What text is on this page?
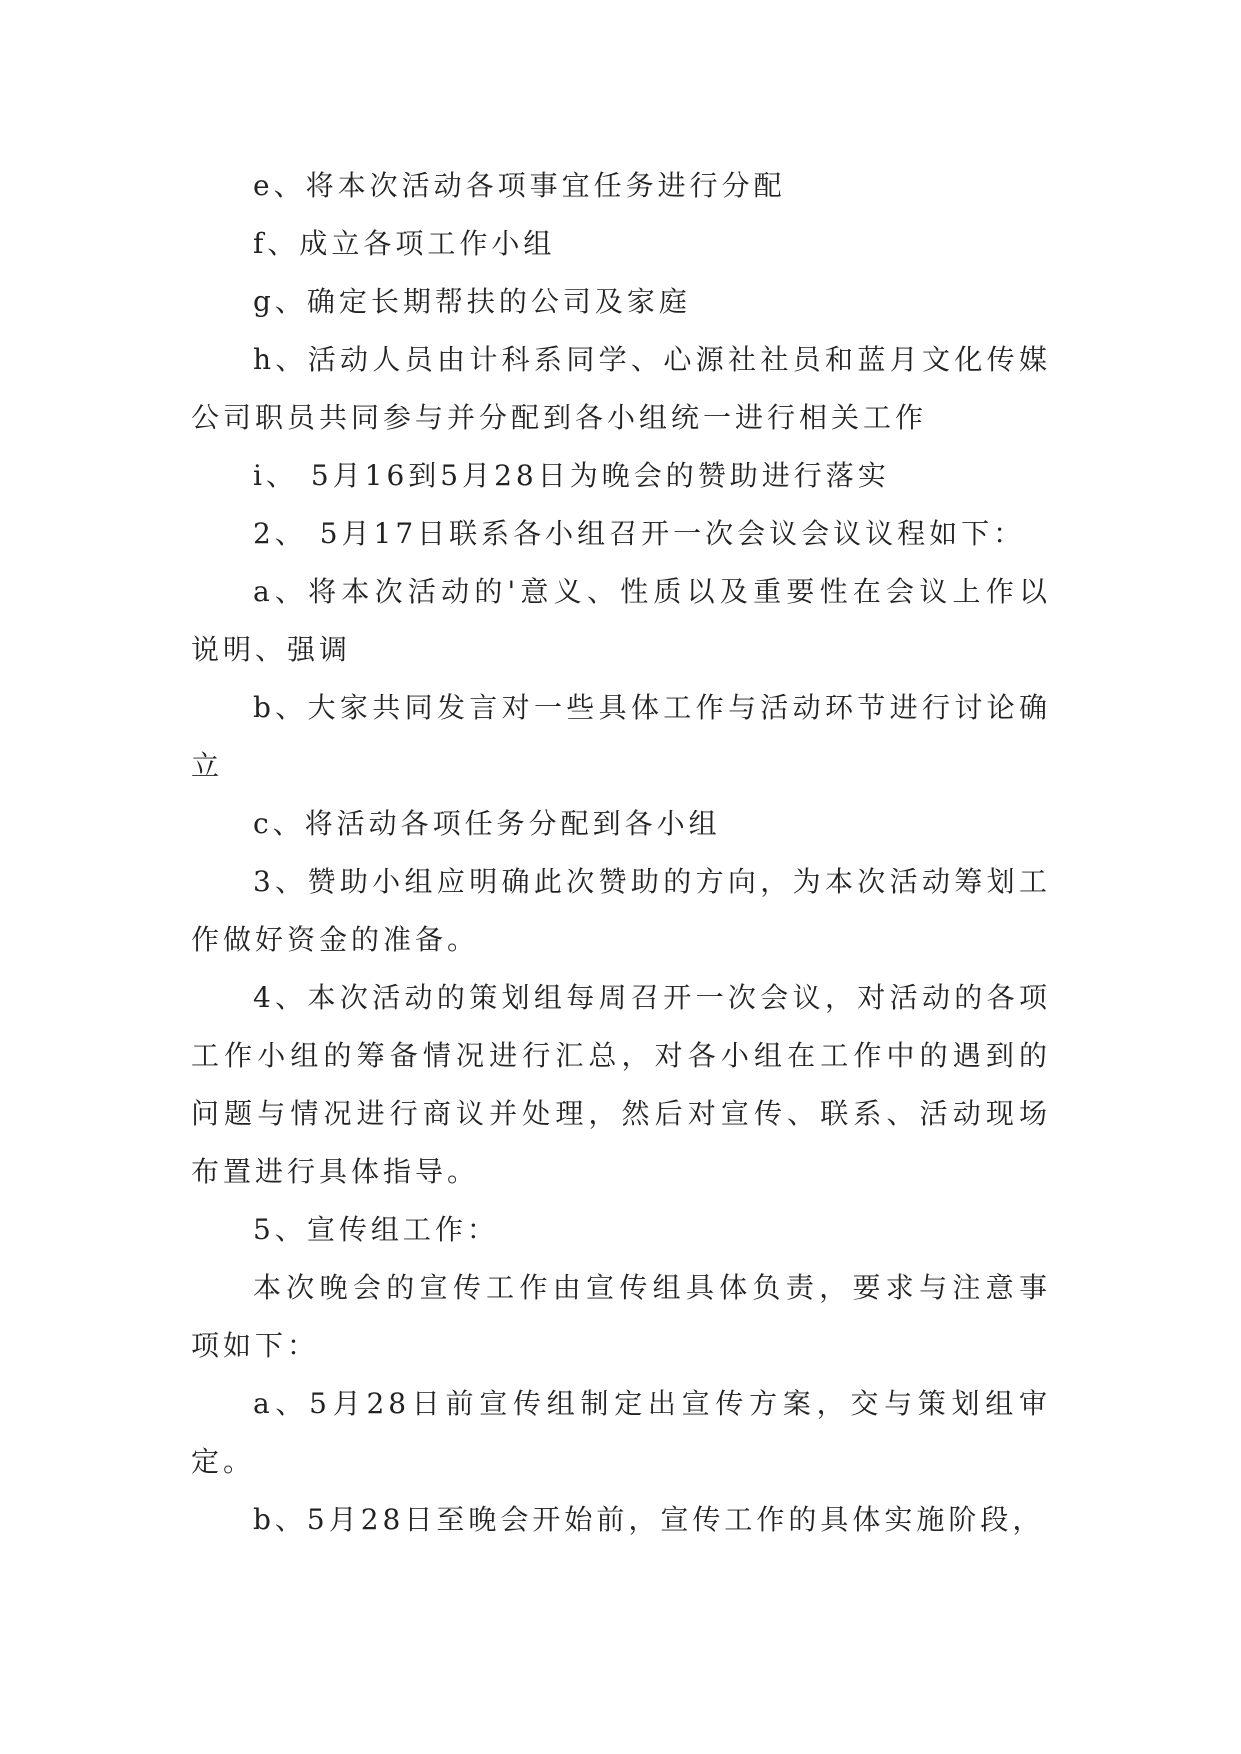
e、将本次活动各项事宜任务进行分配

f、成立各项工作小组

g、确定长期帮扶的公司及家庭

h、活动人员由计科系同学、心源社社员和蓝月文化传媒公司职员共同参与并分配到各小组统一进行相关工作

i、 5月16到5月28日为晚会的赞助进行落实

2、 5月17日联系各小组召开一次会议会议议程如下：

a、将本次活动的'意义、性质以及重要性在会议上作以说明、强调

b、大家共同发言对一些具体工作与活动环节进行讨论确立

c、将活动各项任务分配到各小组

3、赞助小组应明确此次赞助的方向，为本次活动筹划工作做好资金的准备。

4、本次活动的策划组每周召开一次会议，对活动的各项工作小组的筹备情况进行汇总，对各小组在工作中的遇到的问题与情况进行商议并处理，然后对宣传、联系、活动现场布置进行具体指导。

5、宣传组工作：

本次晚会的宣传工作由宣传组具体负责，要求与注意事项如下：

a、5月28日前宣传组制定出宣传方案，交与策划组审定。

b、5月28日至晚会开始前，宣传工作的具体实施阶段，
